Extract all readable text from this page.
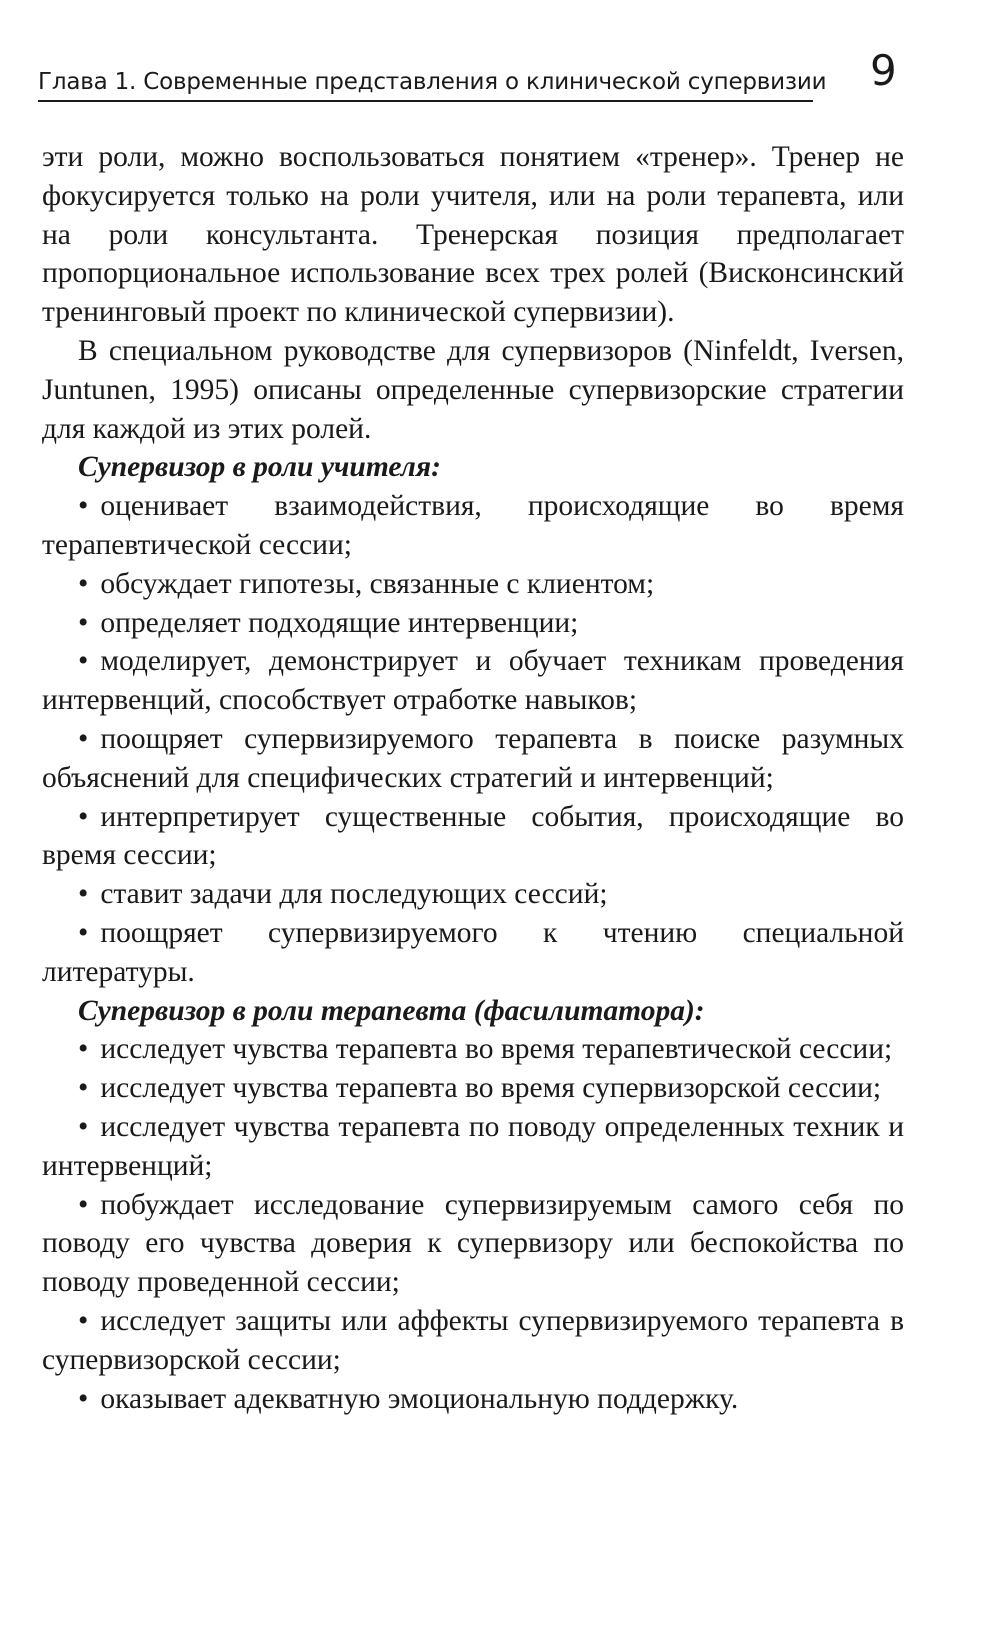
Глава 1. Современные представления о клинической супервизии 9

эти роли, можно воспользоваться понятием «тренер». Тренер не фокусируется только на роли учителя, или на роли терапевта, или на роли консультанта. Тренерская позиция предполагает пропорциональное использование всех трех ролей (Висконсинский тренинговый проект по клинической супервизии).

В специальном руководстве для супервизоров (Ninfeldt, Iversen, Juntunen, 1995) описаны определенные супервизорские стратегии для каждой из этих ролей.

Супервизор в роли учителя:

• оценивает взаимодействия, происходящие во время терапевтической сессии;

• обсуждает гипотезы, связанные с клиентом;

• определяет подходящие интервенции;

• моделирует, демонстрирует и обучает техникам проведения интервенций, способствует отработке навыков;

• поощряет супервизируемого терапевта в поиске разумных объяснений для специфических стратегий и интервенций;

• интерпретирует существенные события, происходящие во время сессии;

• ставит задачи для последующих сессий;

• поощряет супервизируемого к чтению специальной литературы.

Супервизор в роли терапевта (фасилитатора):

• исследует чувства терапевта во время терапевтической сессии;

• исследует чувства терапевта во время супервизорской сессии;

• исследует чувства терапевта по поводу определенных техник и интервенций;

• побуждает исследование супервизируемым самого себя по поводу его чувства доверия к супервизору или беспокойства по поводу проведенной сессии;

• исследует защиты или аффекты супервизируемого терапевта в супервизорской сессии;

• оказывает адекватную эмоциональную поддержку.
